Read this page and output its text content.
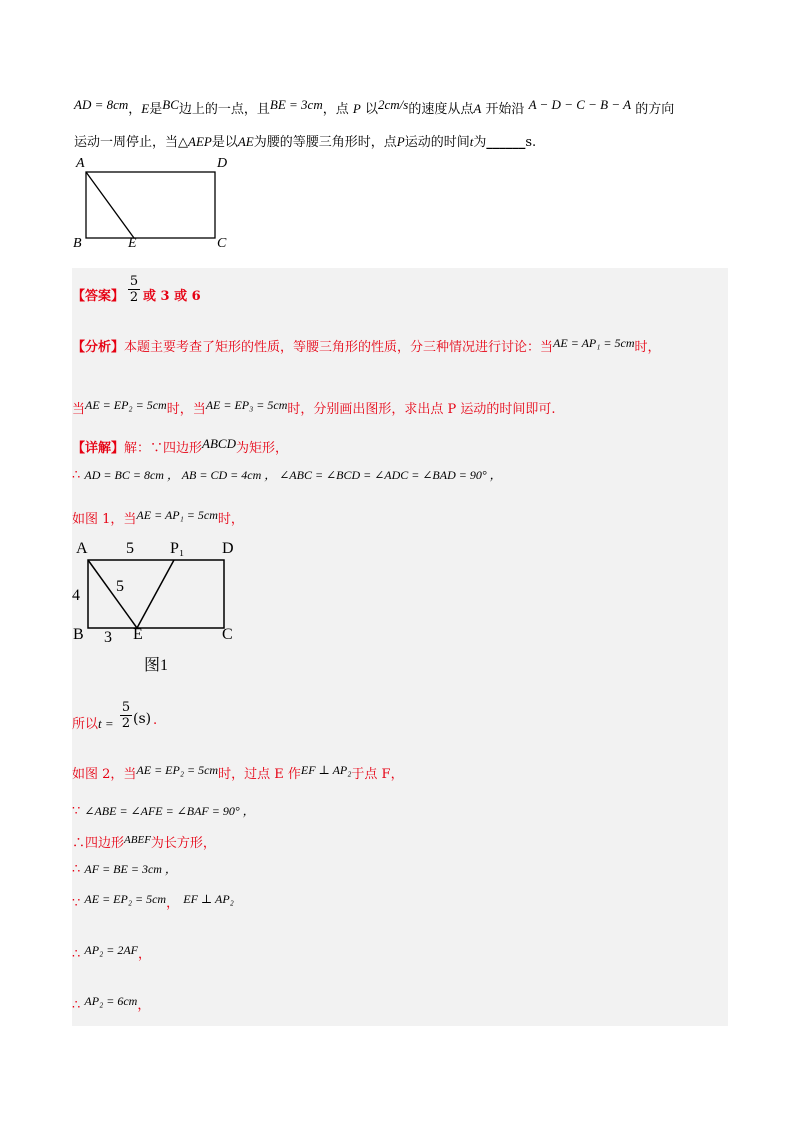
AD = 8cm，E是BC边上的一点，且BE = 3cm，点 P 以2cm/s的速度从点A 开始沿 A − D − C − B − A 的方向
运动一周停止，当△AEP是以AE为腰的等腰三角形时，点P运动的时间t为______s.
A	D
B	E	C
【答案】 $\frac{5}{2}$ 或 3 或 6
【分析】本题主要考查了矩形的性质，等腰三角形的性质，分三种情况进行讨论：当AE = AP₁ = 5cm时，
当AE = EP₂ = 5cm时，当AE = EP₃ = 5cm时，分别画出图形，求出点 P 运动的时间即可.
【详解】解：∵四边形ABCD为矩形，
∴ AD = BC = 8cm ， AB = CD = 4cm ， ∠ABC = ∠BCD = ∠ADC = ∠BAD = 90° ，
如图 1，当AE = AP₁ = 5cm时，
A 5 P₁ D
4
5
B 3 E	C
图1
所以$t = \frac{5}{2} (s)$ .
如图 2，当AE = EP₂ = 5cm时，过点 E 作EF ⊥ AP₂于点 F，
∵ ∠ABE = ∠AFE = ∠BAF = 90° ，
∴四边形$^{ABEF}$为长方形，
∴ AF = BE = 3cm ，
∵ AE = EP₂ = 5cm， EF ⊥ AP₂
∴ AP₂ = 2AF，
∴ AP₂ = 6cm，
